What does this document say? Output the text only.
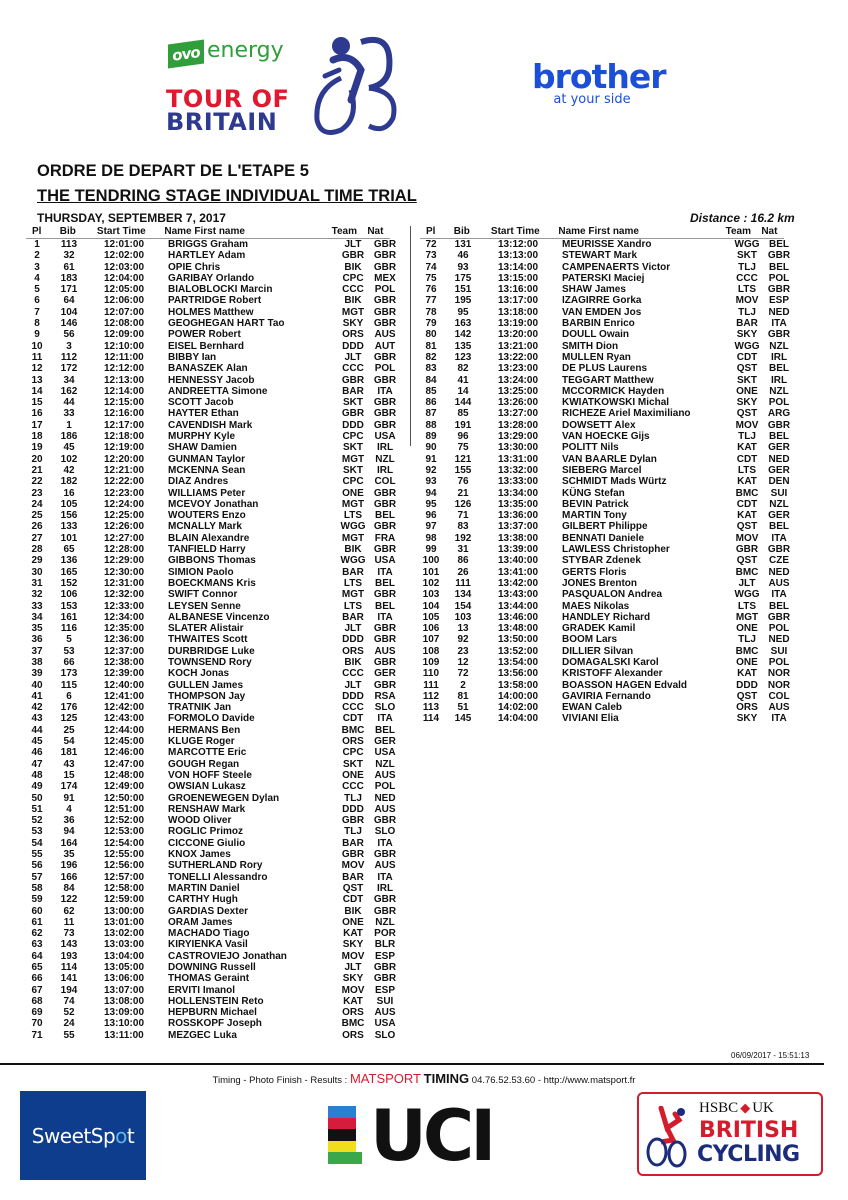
ovo energy
TOUR OF
BRITAIN
brother
at your side
ORDRE DE DEPART DE L'ETAPE 5
THE TENDRING STAGE INDIVIDUAL TIME TRIAL
THURSDAY, SEPTEMBER 7, 2017	Distance : 16.2 km
Pl	Bib	Start Time	Name First name	Team	Nat
1	113	12:01:00	BRIGGS Graham	JLT	GBR
2	32	12:02:00	HARTLEY Adam	GBR GBR
3	61	12:03:00	OPIE Chris	BIK	GBR
4	183	12:04:00	GARIBAY Orlando	CPC	MEX
5	171	12:05:00	BIALOBLOCKI Marcin	CCC	POL
6	64	12:06:00	PARTRIDGE Robert	BIK	GBR
7	104	12:07:00	HOLMES Matthew	MGT GBR
8	146	12:08:00	GEOGHEGAN HART Tao	SKY	GBR
9	56	12:09:00	POWER Robert	ORS	AUS
10	3	12:10:00	EISEL Bernhard	DDD	AUT
11	112	12:11:00	BIBBY Ian	JLT	GBR
12	172	12:12:00	BANASZEK Alan	CCC	POL
13	34	12:13:00	HENNESSY Jacob	GBR GBR
14	162	12:14:00	ANDREETTA Simone	BAR	ITA
15	44	12:15:00	SCOTT Jacob	SKT	GBR
16	33	12:16:00	HAYTER Ethan	GBR GBR
17	1	12:17:00	CAVENDISH Mark	DDD	GBR
18	186	12:18:00	MURPHY Kyle	CPC	USA
19	45	12:19:00	SHAW Damien	SKT	IRL
20	102	12:20:00	GUNMAN Taylor	MGT	NZL
21	42	12:21:00	MCKENNA Sean	SKT	IRL
22	182	12:22:00	DIAZ Andres	CPC	COL
23	16	12:23:00	WILLIAMS Peter	ONE	GBR
24	105	12:24:00	MCEVOY Jonathan	MGT GBR
25	156	12:25:00	WOUTERS Enzo	LTS	BEL
26	133	12:26:00	MCNALLY Mark	WGG GBR
27	101	12:27:00	BLAIN Alexandre	MGT	FRA
28	65	12:28:00	TANFIELD Harry	BIK	GBR
29	136	12:29:00	GIBBONS Thomas	WGG USA
30	165	12:30:00	SIMION Paolo	BAR	ITA
31	152	12:31:00	BOECKMANS Kris	LTS	BEL
32	106	12:32:00	SWIFT Connor	MGT GBR
33	153	12:33:00	LEYSEN Senne	LTS	BEL
34	161	12:34:00	ALBANESE Vincenzo	BAR	ITA
35	116	12:35:00	SLATER Alistair	JLT	GBR
36	5	12:36:00	THWAITES Scott	DDD	GBR
37	53	12:37:00	DURBRIDGE Luke	ORS	AUS
38	66	12:38:00	TOWNSEND Rory	BIK	GBR
39	173	12:39:00	KOCH Jonas	CCC	GER
40	115	12:40:00	GULLEN James	JLT	GBR
41	6	12:41:00	THOMPSON Jay	DDD	RSA
42	176	12:42:00	TRATNIK Jan	CCC	SLO
43	125	12:43:00	FORMOLO Davide	CDT	ITA
44	25	12:44:00	HERMANS Ben	BMC	BEL
45	54	12:45:00	KLUGE Roger	ORS	GER
46	181	12:46:00	MARCOTTE Eric	CPC	USA
47	43	12:47:00	GOUGH Regan	SKT	NZL
48	15	12:48:00	VON HOFF Steele	ONE	AUS
49	174	12:49:00	OWSIAN Lukasz	CCC	POL
50	91	12:50:00	GROENEWEGEN Dylan	TLJ	NED
51	4	12:51:00	RENSHAW Mark	DDD	AUS
52	36	12:52:00	WOOD Oliver	GBR GBR
53	94	12:53:00	ROGLIC Primoz	TLJ	SLO
54	164	12:54:00	CICCONE Giulio	BAR	ITA
55	35	12:55:00	KNOX James	GBR GBR
56	196	12:56:00	SUTHERLAND Rory	MOV	AUS
57	166	12:57:00	TONELLI Alessandro	BAR	ITA
58	84	12:58:00	MARTIN Daniel	QST	IRL
59	122	12:59:00	CARTHY Hugh	CDT	GBR
60	62	13:00:00	GARDIAS Dexter	BIK	GBR
61	11	13:01:00	ORAM James	ONE	NZL
62	73	13:02:00	MACHADO Tiago	KAT	POR
63	143	13:03:00	KIRYIENKA Vasil	SKY	BLR
64	193	13:04:00	CASTROVIEJO Jonathan	MOV	ESP
65	114	13:05:00	DOWNING Russell	JLT	GBR
66	141	13:06:00	THOMAS Geraint	SKY	GBR
67	194	13:07:00	ERVITI Imanol	MOV	ESP
68	74	13:08:00	HOLLENSTEIN Reto	KAT	SUI
69	52	13:09:00	HEPBURN Michael	ORS	AUS
70	24	13:10:00	ROSSKOPF Joseph	BMC	USA
71	55	13:11:00	MEZGEC Luka	ORS	SLO
Pl	Bib	Start Time	Name First name	Team	Nat
72	131	13:12:00	MEURISSE Xandro	WGG BEL
73	46	13:13:00	STEWART Mark	SKT	GBR
74	93	13:14:00	CAMPENAERTS Victor	TLJ	BEL
75	175	13:15:00	PATERSKI Maciej	CCC	POL
76	151	13:16:00	SHAW James	LTS	GBR
77	195	13:17:00	IZAGIRRE Gorka	MOV	ESP
78	95	13:18:00	VAN EMDEN Jos	TLJ	NED
79	163	13:19:00	BARBIN Enrico	BAR	ITA
80	142	13:20:00	DOULL Owain	SKY	GBR
81	135	13:21:00	SMITH Dion	WGG NZL
82	123	13:22:00	MULLEN Ryan	CDT	IRL
83	82	13:23:00	DE PLUS Laurens	QST	BEL
84	41	13:24:00	TEGGART Matthew	SKT	IRL
85	14	13:25:00	MCCORMICK Hayden	ONE	NZL
86	144	13:26:00	KWIATKOWSKI Michal	SKY	POL
87	85	13:27:00	RICHEZE Ariel Maximiliano	QST	ARG
88	191	13:28:00	DOWSETT Alex	MOV GBR
89	96	13:29:00	VAN HOECKE Gijs	TLJ	BEL
90	75	13:30:00	POLITT Nils	KAT	GER
91	121	13:31:00	VAN BAARLE Dylan	CDT	NED
92	155	13:32:00	SIEBERG Marcel	LTS	GER
93	76	13:33:00	SCHMIDT Mads Würtz	KAT	DEN
94	21	13:34:00	KÜNG Stefan	BMC	SUI
95	126	13:35:00	BEVIN Patrick	CDT	NZL
96	71	13:36:00	MARTIN Tony	KAT	GER
97	83	13:37:00	GILBERT Philippe	QST	BEL
98	192	13:38:00	BENNATI Daniele	MOV	ITA
99	31	13:39:00	LAWLESS Christopher	GBR GBR
100	86	13:40:00	STYBAR Zdenek	QST	CZE
101	26	13:41:00	GERTS Floris	BMC	NED
102	111	13:42:00	JONES Brenton	JLT	AUS
103	134	13:43:00	PASQUALON Andrea	WGG	ITA
104	154	13:44:00	MAES Nikolas	LTS	BEL
105	103	13:46:00	HANDLEY Richard	MGT GBR
106	13	13:48:00	GRADEK Kamil	ONE	POL
107	92	13:50:00	BOOM Lars	TLJ	NED
108	23	13:52:00	DILLIER Silvan	BMC	SUI
109	12	13:54:00	DOMAGALSKI Karol	ONE	POL
110	72	13:56:00	KRISTOFF Alexander	KAT	NOR
111	2	13:58:00	BOASSON HAGEN Edvald	DDD	NOR
112	81	14:00:00	GAVIRIA Fernando	QST	COL
113	51	14:02:00	EWAN Caleb	ORS	AUS
114	145	14:04:00	VIVIANI Elia	SKY	ITA
06/09/2017 - 15:51:13
Timing - Photo Finish - Results : MATSPORT TIMING 04.76.52.53.60 - http://www.matsport.fr
SweetSp o t	UCI	HSBC ◆ UK
BRITISH
CYCLING
